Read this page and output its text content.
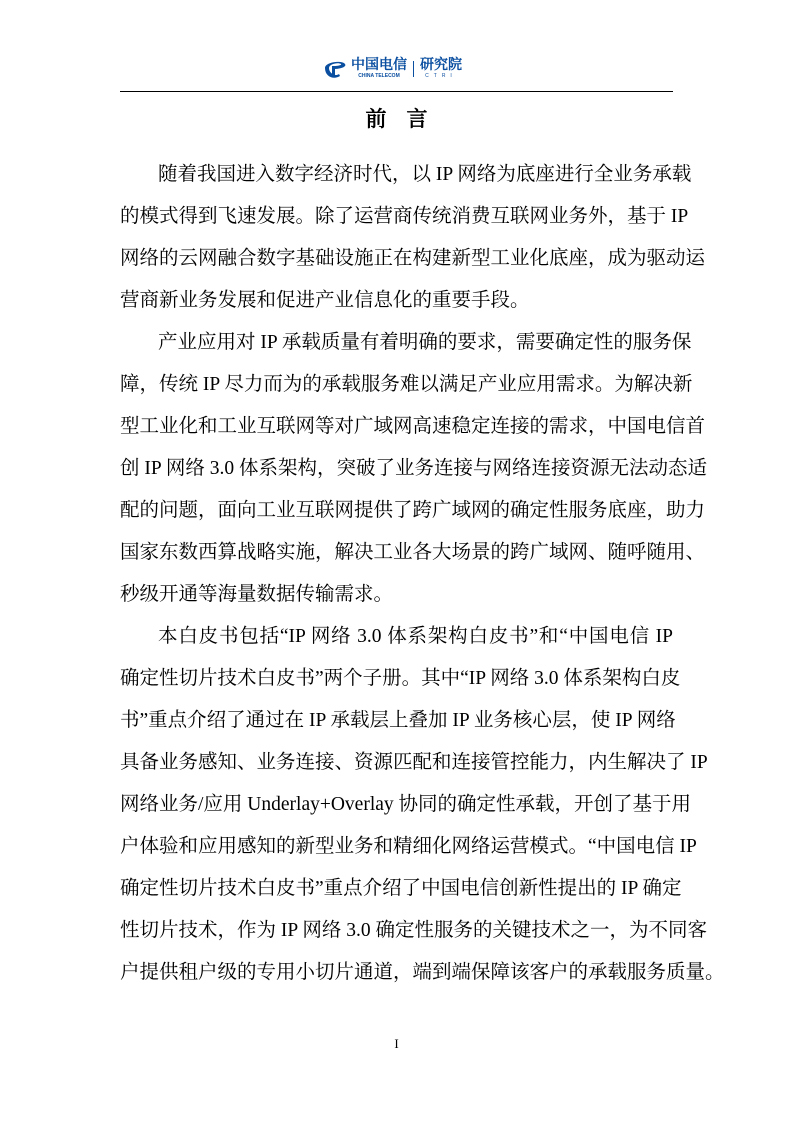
中国电信
CHINA TELECOM
研究院
CTRI
前言
随着我国进入数字经济时代，以 IP 网络为底座进行全业务承载
的模式得到飞速发展。除了运营商传统消费互联网业务外，基于 IP
网络的云网融合数字基础设施正在构建新型工业化底座，成为驱动运
营商新业务发展和促进产业信息化的重要手段。
产业应用对 IP 承载质量有着明确的要求，需要确定性的服务保
障，传统 IP 尽力而为的承载服务难以满足产业应用需求。为解决新
型工业化和工业互联网等对广域网高速稳定连接的需求，中国电信首
创 IP 网络 3.0 体系架构，突破了业务连接与网络连接资源无法动态适
配的问题，面向工业互联网提供了跨广域网的确定性服务底座，助力
国家东数西算战略实施，解决工业各大场景的跨广域网、随呼随用、
秒级开通等海量数据传输需求。
本白皮书包括“IP 网络 3.0 体系架构白皮书”和“中国电信 IP
确定性切片技术白皮书”两个子册。其中“IP 网络 3.0 体系架构白皮
书”重点介绍了通过在 IP 承载层上叠加 IP 业务核心层，使 IP 网络
具备业务感知、业务连接、资源匹配和连接管控能力，内生解决了 IP
网络业务/应用 Underlay+Overlay 协同的确定性承载，开创了基于用
户体验和应用感知的新型业务和精细化网络运营模式。“中国电信 IP
确定性切片技术白皮书”重点介绍了中国电信创新性提出的 IP 确定
性切片技术，作为 IP 网络 3.0 确定性服务的关键技术之一，为不同客
户提供租户级的专用小切片通道，端到端保障该客户的承载服务质量。
I
